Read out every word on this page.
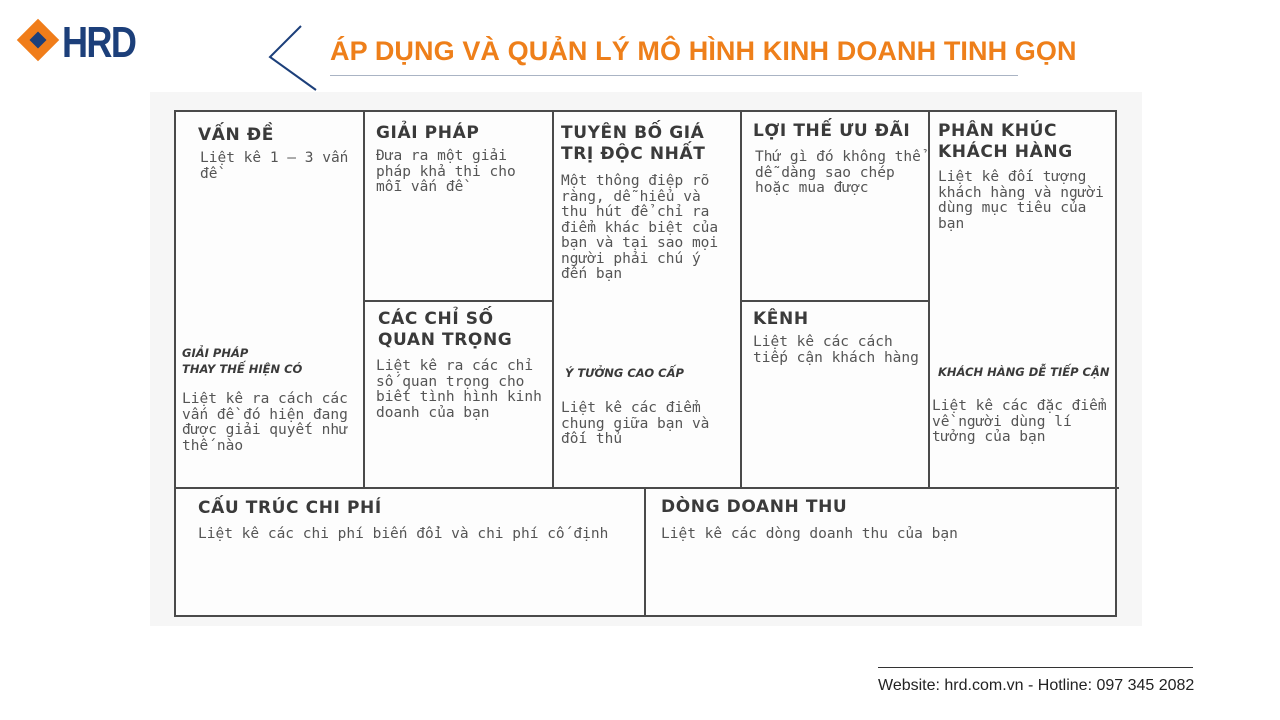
HRD	ÁP DỤNG VÀ QUẢN LÝ MÔ HÌNH KINH DOANH TINH GỌN
VẤN ĐỀ
Liệt kê 1 – 3 vấn đề
GIẢI PHÁP
THAY THẾ HIỆN CÓ
Liệt kê ra cách các vấn đề đó hiện đang được giải quyết như thế nào
GIẢI PHÁP
Đưa ra một giải pháp khả thi cho mỗi vấn đề
CÁC CHỈ SỐ QUAN TRỌNG
Liệt kê ra các chỉ số quan trọng cho biết tình hình kinh doanh của bạn
TUYÊN BỐ GIÁ TRỊ ĐỘC NHẤT
Một thông điệp rõ ràng, dễ hiểu và thu hút để chỉ ra điểm khác biệt của bạn và tại sao mọi người phải chú ý đến bạn
Ý TƯỞNG CAO CẤP
Liệt kê các điểm chung giữa bạn và đối thủ
LỢI THẾ ƯU ĐÃI
Thứ gì đó không thể dễ dàng sao chép hoặc mua được
KÊNH
Liệt kê các cách tiếp cận khách hàng
PHÂN KHÚC KHÁCH HÀNG
Liệt kê đối tượng khách hàng và người dùng mục tiêu của bạn
KHÁCH HÀNG DỄ TIẾP CẬN
Liệt kê các đặc điểm về người dùng lí tưởng của bạn
CẤU TRÚC CHI PHÍ
Liệt kê các chi phí biến đổi và chi phí cố định
DÒNG DOANH THU
Liệt kê các dòng doanh thu của bạn
Website: hrd.com.vn - Hotline: 097 345 2082
